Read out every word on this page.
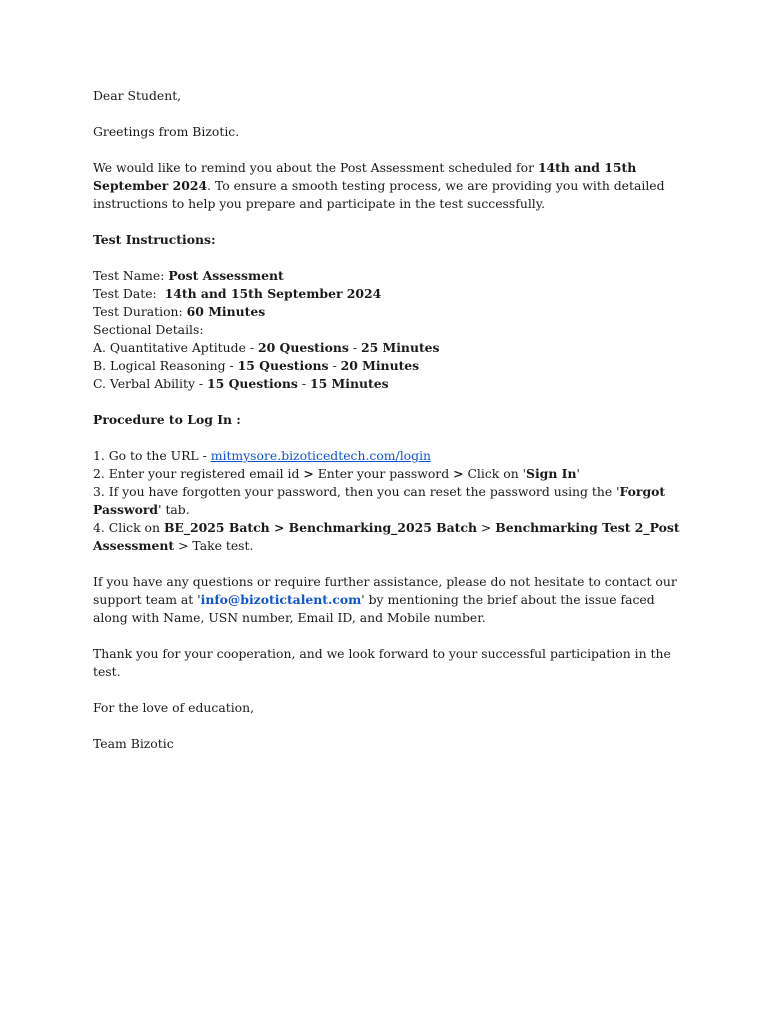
Dear Student,

Greetings from Bizotic.

We would like to remind you about the Post Assessment scheduled for 14th and 15th September 2024. To ensure a smooth testing process, we are providing you with detailed instructions to help you prepare and participate in the test successfully.

Test Instructions:

Test Name: Post Assessment

Test Date:  14th and 15th September 2024

Test Duration: 60 Minutes

Sectional Details:

A. Quantitative Aptitude - 20 Questions - 25 Minutes

B. Logical Reasoning - 15 Questions - 20 Minutes

C. Verbal Ability - 15 Questions - 15 Minutes

Procedure to Log In :

1. Go to the URL - mitmysore.bizoticedtech.com/login

2. Enter your registered email id > Enter your password > Click on 'Sign In'

3. If you have forgotten your password, then you can reset the password using the 'Forgot Password' tab.

4. Click on BE_2025 Batch > Benchmarking_2025 Batch > Benchmarking Test 2_Post Assessment > Take test.

If you have any questions or require further assistance, please do not hesitate to contact our support team at 'info@bizotictalent.com' by mentioning the brief about the issue faced along with Name, USN number, Email ID, and Mobile number.

Thank you for your cooperation, and we look forward to your successful participation in the test.

For the love of education,

Team Bizotic
